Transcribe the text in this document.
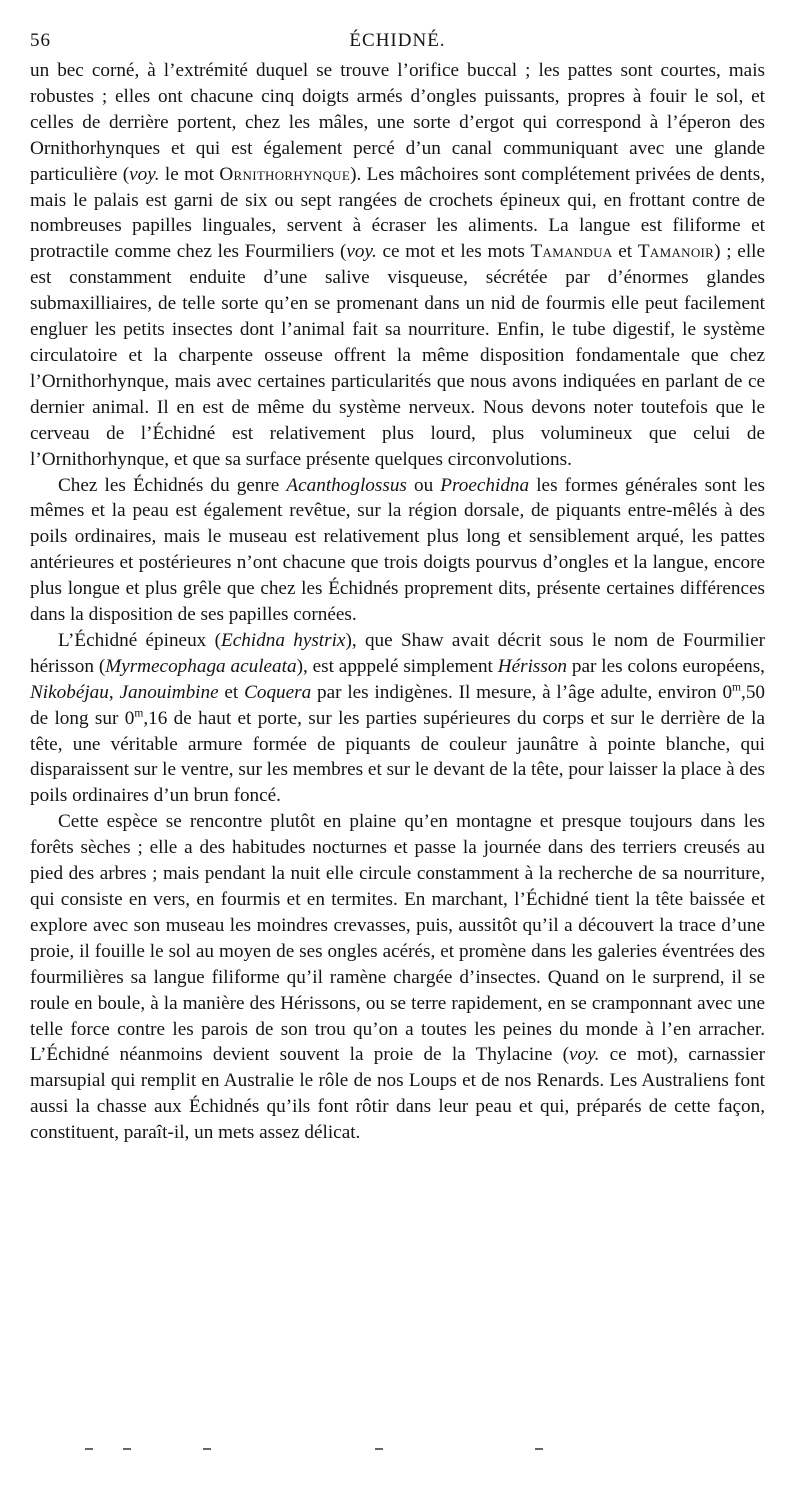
56	ÉCHIDNÉ.

un bec corné, à l’extrémité duquel se trouve l’orifice buccal ; les pattes sont courtes, mais robustes ; elles ont chacune cinq doigts armés d’ongles puissants, propres à fouir le sol, et celles de derrière portent, chez les mâles, une sorte d’ergot qui correspond à l’éperon des Ornithorhynques et qui est également percé d’un canal communiquant avec une glande particulière (voy. le mot Ornithorhynque). Les mâchoires sont complétement privées de dents, mais le palais est garni de six ou sept rangées de crochets épineux qui, en frottant contre de nombreuses papilles linguales, servent à écraser les aliments. La langue est filiforme et protractile comme chez les Fourmiliers (voy. ce mot et les mots Tamandua et Tamanoir) ; elle est constamment enduite d’une salive visqueuse, sécrétée par d’énormes glandes submaxilliaires, de telle sorte qu’en se promenant dans un nid de fourmis elle peut facilement engluer les petits insectes dont l’animal fait sa nourriture. Enfin, le tube digestif, le système circulatoire et la charpente osseuse offrent la même disposition fondamentale que chez l’Ornithorhynque, mais avec certaines particularités que nous avons indiquées en parlant de ce dernier animal. Il en est de même du système nerveux. Nous devons noter toutefois que le cerveau de l’Échidné est relativement plus lourd, plus volumineux que celui de l’Ornithorhynque, et que sa surface présente quelques circonvolutions.

Chez les Échidnés du genre Acanthoglossus ou Proechidna les formes générales sont les mêmes et la peau est également revêtue, sur la région dorsale, de piquants entre-mêlés à des poils ordinaires, mais le museau est relativement plus long et sensiblement arqué, les pattes antérieures et postérieures n’ont chacune que trois doigts pourvus d’ongles et la langue, encore plus longue et plus grêle que chez les Échidnés proprement dits, présente certaines différences dans la disposition de ses papilles cornées.

L’Échidné épineux (Echidna hystrix), que Shaw avait décrit sous le nom de Fourmilier hérisson (Myrmecophaga aculeata), est apppelé simplement Hérisson par les colons européens, Nikobéjau, Janouimbine et Coquera par les indigènes. Il mesure, à l’âge adulte, environ 0$^m$,50 de long sur 0$^m$,16 de haut et porte, sur les parties supérieures du corps et sur le derrière de la tête, une véritable armure formée de piquants de couleur jaunâtre à pointe blanche, qui disparaissent sur le ventre, sur les membres et sur le devant de la tête, pour laisser la place à des poils ordinaires d’un brun foncé.

Cette espèce se rencontre plutôt en plaine qu’en montagne et presque toujours dans les forêts sèches ; elle a des habitudes nocturnes et passe la journée dans des terriers creusés au pied des arbres ; mais pendant la nuit elle circule constamment à la recherche de sa nourriture, qui consiste en vers, en fourmis et en termites. En marchant, l’Échidné tient la tête baissée et explore avec son museau les moindres crevasses, puis, aussitôt qu’il a découvert la trace d’une proie, il fouille le sol au moyen de ses ongles acérés, et promène dans les galeries éventrées des fourmilières sa langue filiforme qu’il ramène chargée d’insectes. Quand on le surprend, il se roule en boule, à la manière des Hérissons, ou se terre rapidement, en se cramponnant avec une telle force contre les parois de son trou qu’on a toutes les peines du monde à l’en arracher. L’Échidné néanmoins devient souvent la proie de la Thylacine (voy. ce mot), carnassier marsupial qui remplit en Australie le rôle de nos Loups et de nos Renards. Les Australiens font aussi la chasse aux Échidnés qu’ils font rôtir dans leur peau et qui, préparés de cette façon, constituent, paraît-il, un mets assez délicat.
